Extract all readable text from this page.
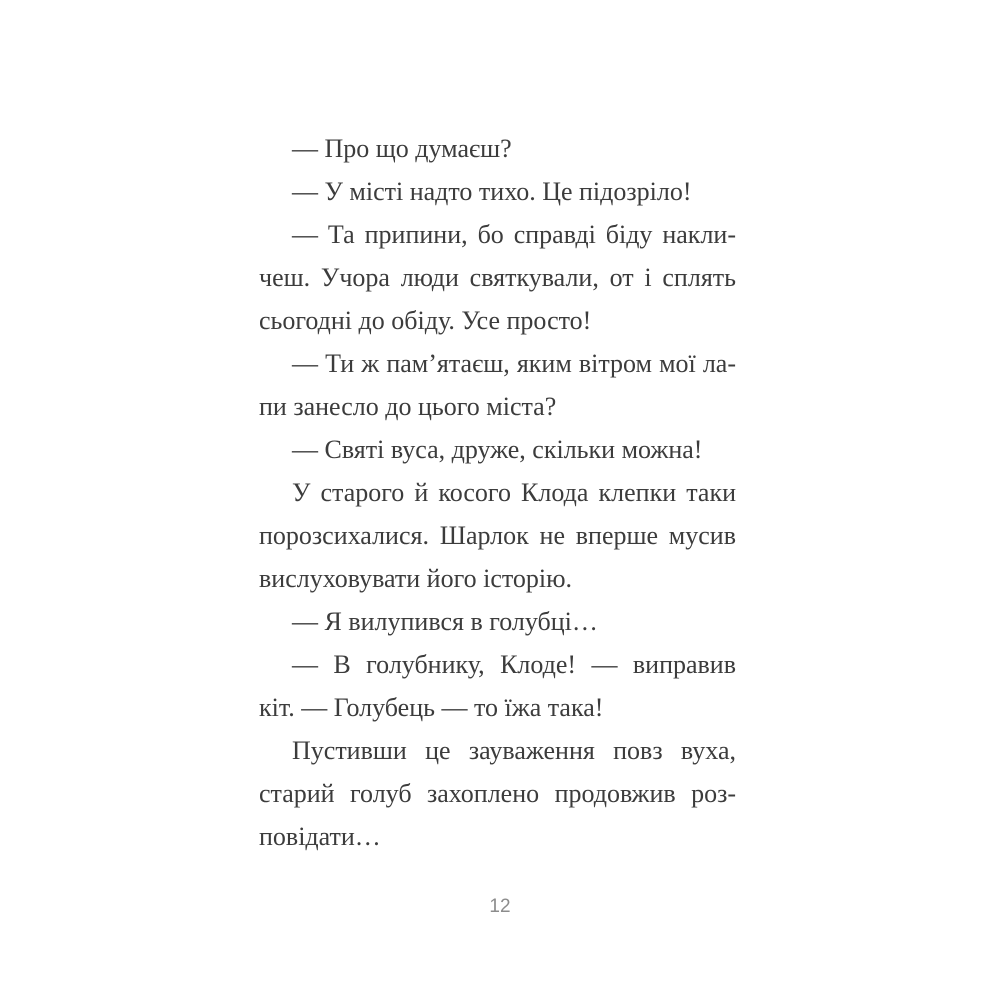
— Про що думаєш?
— У місті надто тихо. Це підозріло!
— Та припини, бо справді біду накли-
чеш. Учора люди святкували, от і сплять
сьогодні до обіду. Усе просто!
— Ти ж пам’ятаєш, яким вітром мої ла-
пи занесло до цього міста?
— Святі вуса, друже, скільки можна!
У старого й косого Клода клепки таки
порозсихалися. Шарлок не вперше мусив
вислуховувати його історію.
— Я вилупився в голубці…
— В голубнику, Клоде! — виправив
кіт. — Голубець — то їжа така!
Пустивши це зауваження повз вуха,
старий голуб захоплено продовжив роз-
повідати…
12
